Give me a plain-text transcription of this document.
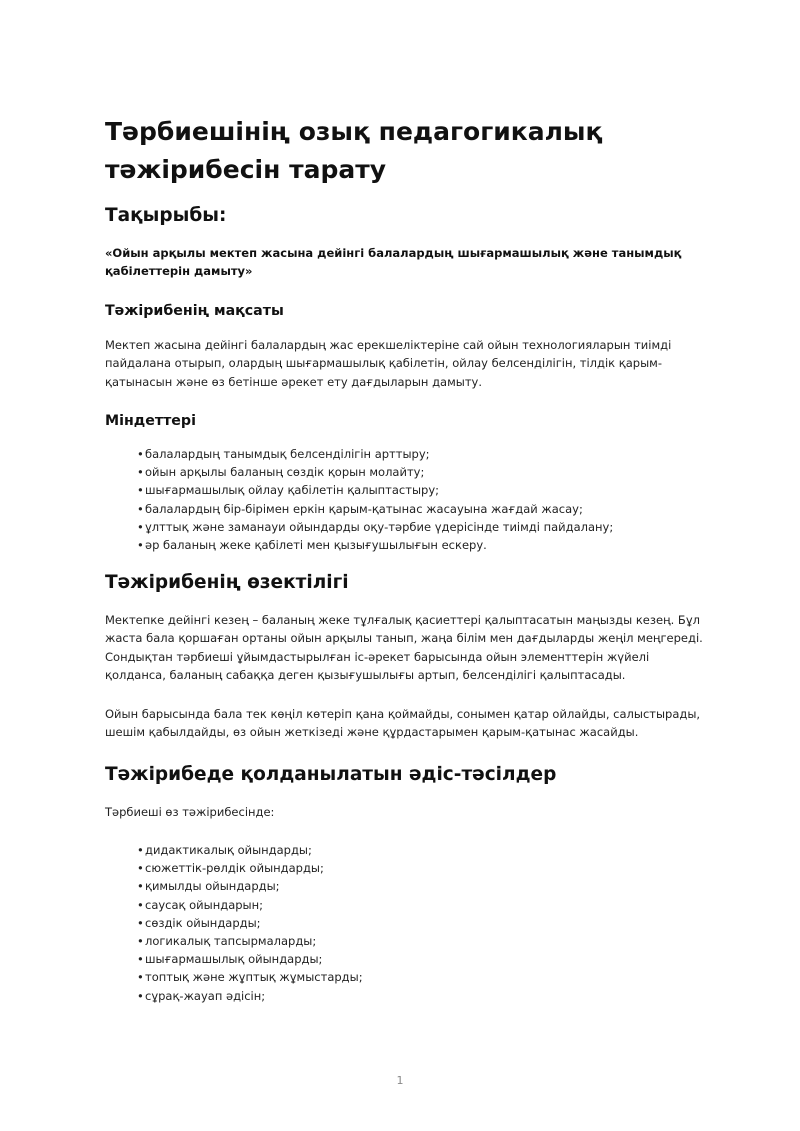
Тәрбиешінің озық педагогикалық тәжірибесін тарату
Тақырыбы:

«Ойын арқылы мектеп жасына дейінгі балалардың шығармашылық және танымдық қабілеттерін дамыту»

Тәжірибенің мақсаты

Мектеп жасына дейінгі балалардың жас ерекшеліктеріне сай ойын технологияларын тиімді пайдалана отырып, олардың шығармашылық қабілетін, ойлау белсенділігін, тілдік қарым-қатынасын және өз бетінше әрекет ету дағдыларын дамыту.

Міндеттері
•балалардың танымдық белсенділігін арттыру;
•ойын арқылы баланың сөздік қорын молайту;
•шығармашылық ойлау қабілетін қалыптастыру;
•балалардың бір-бірімен еркін қарым-қатынас жасауына жағдай жасау;
•ұлттық және заманауи ойындарды оқу-тәрбие үдерісінде тиімді пайдалану;
•әр баланың жеке қабілеті мен қызығушылығын ескеру.
Тәжірибенің өзектілігі

Мектепке дейінгі кезең – баланың жеке тұлғалық қасиеттері қалыптасатын маңызды кезең. Бұл жаста бала қоршаған ортаны ойын арқылы танып, жаңа білім мен дағдыларды жеңіл меңгереді. Сондықтан тәрбиеші ұйымдастырылған іс-әрекет барысында ойын элементтерін жүйелі қолданса, баланың сабаққа деген қызығушылығы артып, белсенділігі қалыптасады.

Ойын барысында бала тек көңіл көтеріп қана қоймайды, сонымен қатар ойлайды, салыстырады, шешім қабылдайды, өз ойын жеткізеді және құрдастарымен қарым-қатынас жасайды.

Тәжірибеде қолданылатын әдіс-тәсілдер

Тәрбиеші өз тәжірибесінде:

•дидактикалық ойындарды;
•сюжеттік-рөлдік ойындарды;
•қимылды ойындарды;
•саусақ ойындарын;
•сөздік ойындарды;
•логикалық тапсырмаларды;
•шығармашылық ойындарды;
•топтық және жұптық жұмыстарды;
•сұрақ-жауап әдісін;
1
